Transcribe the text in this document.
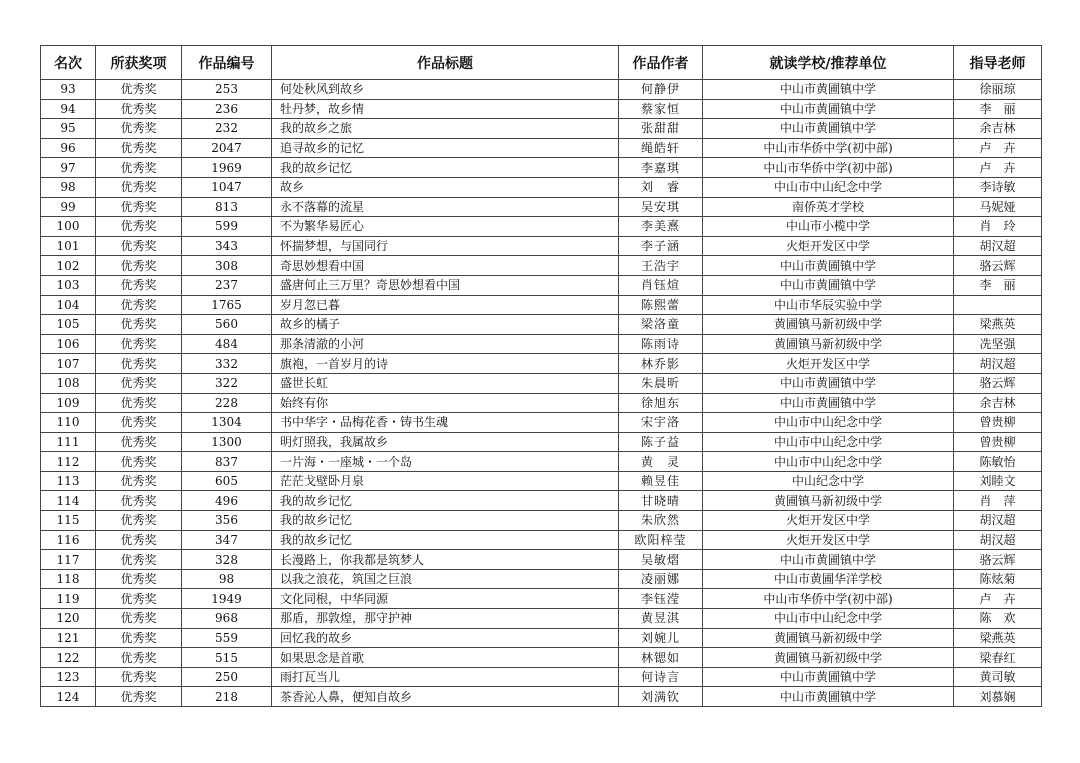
名次	所获奖项	作品编号	作品标题	作品作者	就读学校/推荐单位	指导老师
93	优秀奖	253	何处秋风到故乡	何静伊	中山市黄圃镇中学	徐丽琼
94	优秀奖	236	牡丹梦，故乡情	蔡家恒	中山市黄圃镇中学	李　丽
95	优秀奖	232	我的故乡之旅	张甜甜	中山市黄圃镇中学	余吉林
96	优秀奖	2047	追寻故乡的记忆	绳皓轩	中山市华侨中学(初中部)	卢　卉
97	优秀奖	1969	我的故乡记忆	李嘉琪	中山市华侨中学(初中部)	卢　卉
98	优秀奖	1047	故乡	刘　睿	中山市中山纪念中学	李诗敏
99	优秀奖	813	永不落幕的流星	吴安琪	南侨英才学校	马妮娅
100	优秀奖	599	不为繁华易匠心	李美熹	中山市小榄中学	肖　玲
101	优秀奖	343	怀揣梦想，与国同行	李子涵	火炬开发区中学	胡汉超
102	优秀奖	308	奇思妙想看中国	王浩宇	中山市黄圃镇中学	骆云辉
103	优秀奖	237	盛唐何止三万里？奇思妙想看中国	肖钰煊	中山市黄圃镇中学	李　丽
104	优秀奖	1765	岁月忽已暮	陈熙蕾	中山市华辰实验中学	
105	优秀奖	560	故乡的橘子	梁洛童	黄圃镇马新初级中学	梁燕英
106	优秀奖	484	那条清澈的小河	陈雨诗	黄圃镇马新初级中学	冼坚强
107	优秀奖	332	旗袍，一首岁月的诗	林乔影	火炬开发区中学	胡汉超
108	优秀奖	322	盛世长虹	朱晨昕	中山市黄圃镇中学	骆云辉
109	优秀奖	228	始终有你	徐旭东	中山市黄圃镇中学	余吉林
110	优秀奖	1304	书中华字・品梅花香・铸书生魂	宋宇洛	中山市中山纪念中学	曾贵柳
111	优秀奖	1300	明灯照我，我属故乡	陈子益	中山市中山纪念中学	曾贵柳
112	优秀奖	837	一片海・一座城・一个岛	黄　灵	中山市中山纪念中学	陈敏怡
113	优秀奖	605	茫茫戈壁卧月泉	赖昱佳	中山纪念中学	刘睦文
114	优秀奖	496	我的故乡记忆	甘晓晴	黄圃镇马新初级中学	肖　萍
115	优秀奖	356	我的故乡记忆	朱欣然	火炬开发区中学	胡汉超
116	优秀奖	347	我的故乡记忆	欧阳梓莹	火炬开发区中学	胡汉超
117	优秀奖	328	长漫路上，你我都是筑梦人	吴敏熠	中山市黄圃镇中学	骆云辉
118	优秀奖	98	以我之浪花，筑国之巨浪	凌丽娜	中山市黄圃华洋学校	陈炫菊
119	优秀奖	1949	文化同根，中华同源	李钰滢	中山市华侨中学(初中部)	卢　卉
120	优秀奖	968	那盾，那敦煌，那守护神	黄昱淇	中山市中山纪念中学	陈　欢
121	优秀奖	559	回忆我的故乡	刘婉儿	黄圃镇马新初级中学	梁燕英
122	优秀奖	515	如果思念是首歌	林锶如	黄圃镇马新初级中学	梁春红
123	优秀奖	250	雨打瓦当儿	何诗言	中山市黄圃镇中学	黄司敏
124	优秀奖	218	茶香沁人鼻，便知自故乡	刘满钦	中山市黄圃镇中学	刘慕娴
